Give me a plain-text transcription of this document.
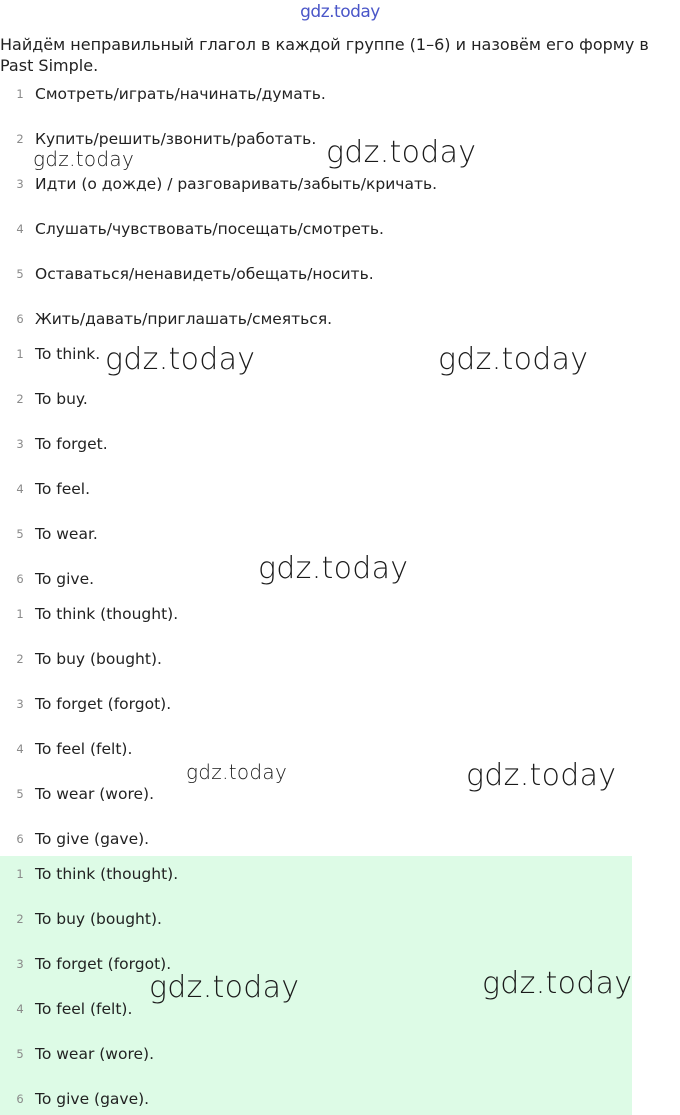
gdz.today
Найдём неправильный глагол в каждой группе (1–6) и назовём его форму в Past Simple.
1 Смотреть/играть/начинать/думать.
2 Купить/решить/звонить/работать.
3 Идти (о дожде) / разговаривать/забыть/кричать.
4 Слушать/чувствовать/посещать/смотреть.
5 Оставаться/ненавидеть/обещать/носить.
6 Жить/давать/приглашать/смеяться.
1 To think.
2 To buy.
3 To forget.
4 To feel.
5 To wear.
6 To give.
1 To think (thought).
2 To buy (bought).
3 To forget (forgot).
4 To feel (felt).
5 To wear (wore).
6 To give (gave).
1 To think (thought).
2 To buy (bought).
3 To forget (forgot).
4 To feel (felt).
5 To wear (wore).
6 To give (gave).
gdz.today	gdz.today
gdz.today	gdz.today
gdz.today
gdz.today	gdz.today
gdz.today	gdz.today
